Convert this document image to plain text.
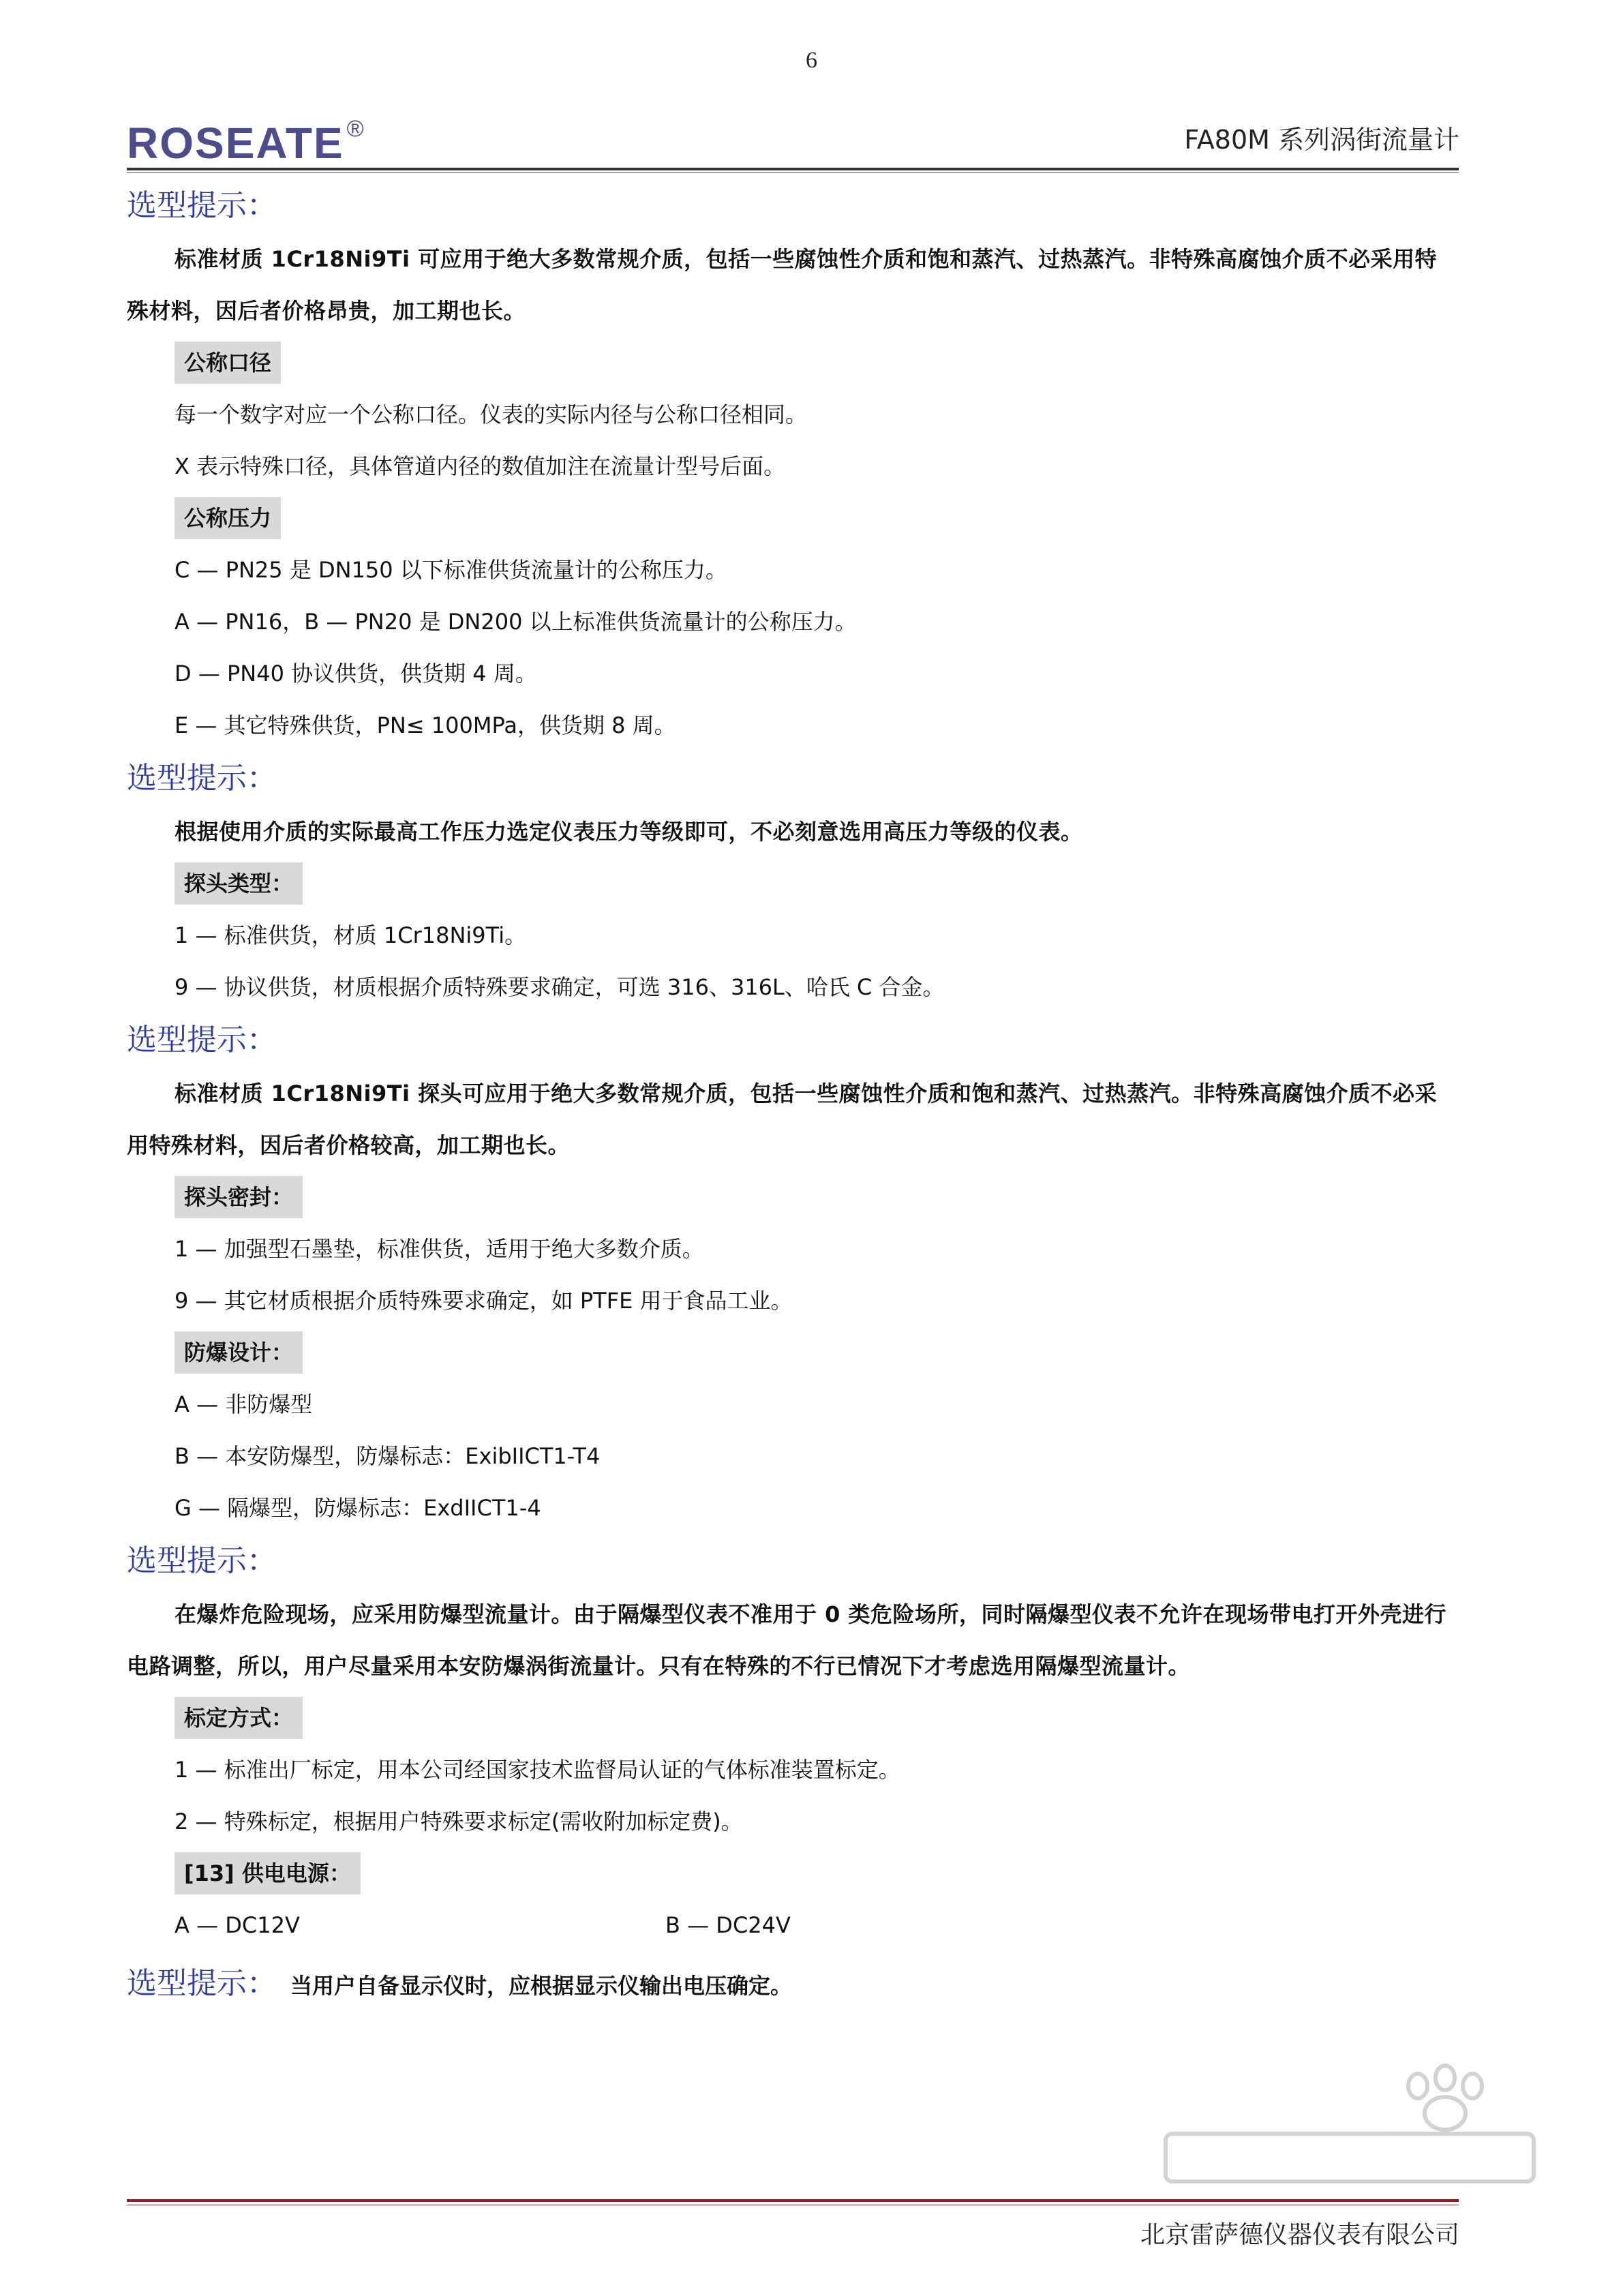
6
ROSEATE ®	FA80M 系列涡街流量计

选型提示：

标准材质 1Cr18Ni9Ti 可应用于绝大多数常规介质，包括一些腐蚀性介质和饱和蒸汽、过热蒸汽。非特殊高腐蚀介质不必采用特殊材料，因后者价格昂贵，加工期也长。

公称口径

每一个数字对应一个公称口径。仪表的实际内径与公称口径相同。

X 表示特殊口径，具体管道内径的数值加注在流量计型号后面。

公称压力

C — PN25 是 DN150 以下标准供货流量计的公称压力。

A — PN16，B — PN20 是 DN200 以上标准供货流量计的公称压力。

D — PN40 协议供货，供货期 4 周。

E — 其它特殊供货，PN≤ 100MPa，供货期 8 周。

选型提示：

根据使用介质的实际最高工作压力选定仪表压力等级即可，不必刻意选用高压力等级的仪表。

探头类型：

1 — 标准供货，材质 1Cr18Ni9Ti。

9 — 协议供货，材质根据介质特殊要求确定，可选 316、316L、哈氏 C 合金。

选型提示：

标准材质 1Cr18Ni9Ti 探头可应用于绝大多数常规介质，包括一些腐蚀性介质和饱和蒸汽、过热蒸汽。非特殊高腐蚀介质不必采用特殊材料，因后者价格较高，加工期也长。

探头密封：

1 — 加强型石墨垫，标准供货，适用于绝大多数介质。

9 — 其它材质根据介质特殊要求确定，如 PTFE 用于食品工业。

防爆设计：

A — 非防爆型

B — 本安防爆型，防爆标志：ExibIICT1-T4

G — 隔爆型，防爆标志：ExdIICT1-4

选型提示：

在爆炸危险现场，应采用防爆型流量计。由于隔爆型仪表不准用于 0 类危险场所，同时隔爆型仪表不允许在现场带电打开外壳进行电路调整，所以，用户尽量采用本安防爆涡街流量计。只有在特殊的不行已情况下才考虑选用隔爆型流量计。

标定方式：

1 — 标准出厂标定，用本公司经国家技术监督局认证的气体标准装置标定。

2 — 特殊标定，根据用户特殊要求标定(需收附加标定费)。

[13] 供电电源：

A — DC12V	B — DC24V

选型提示： 当用户自备显示仪时，应根据显示仪输出电压确定。
北京雷萨德仪器仪表有限公司
